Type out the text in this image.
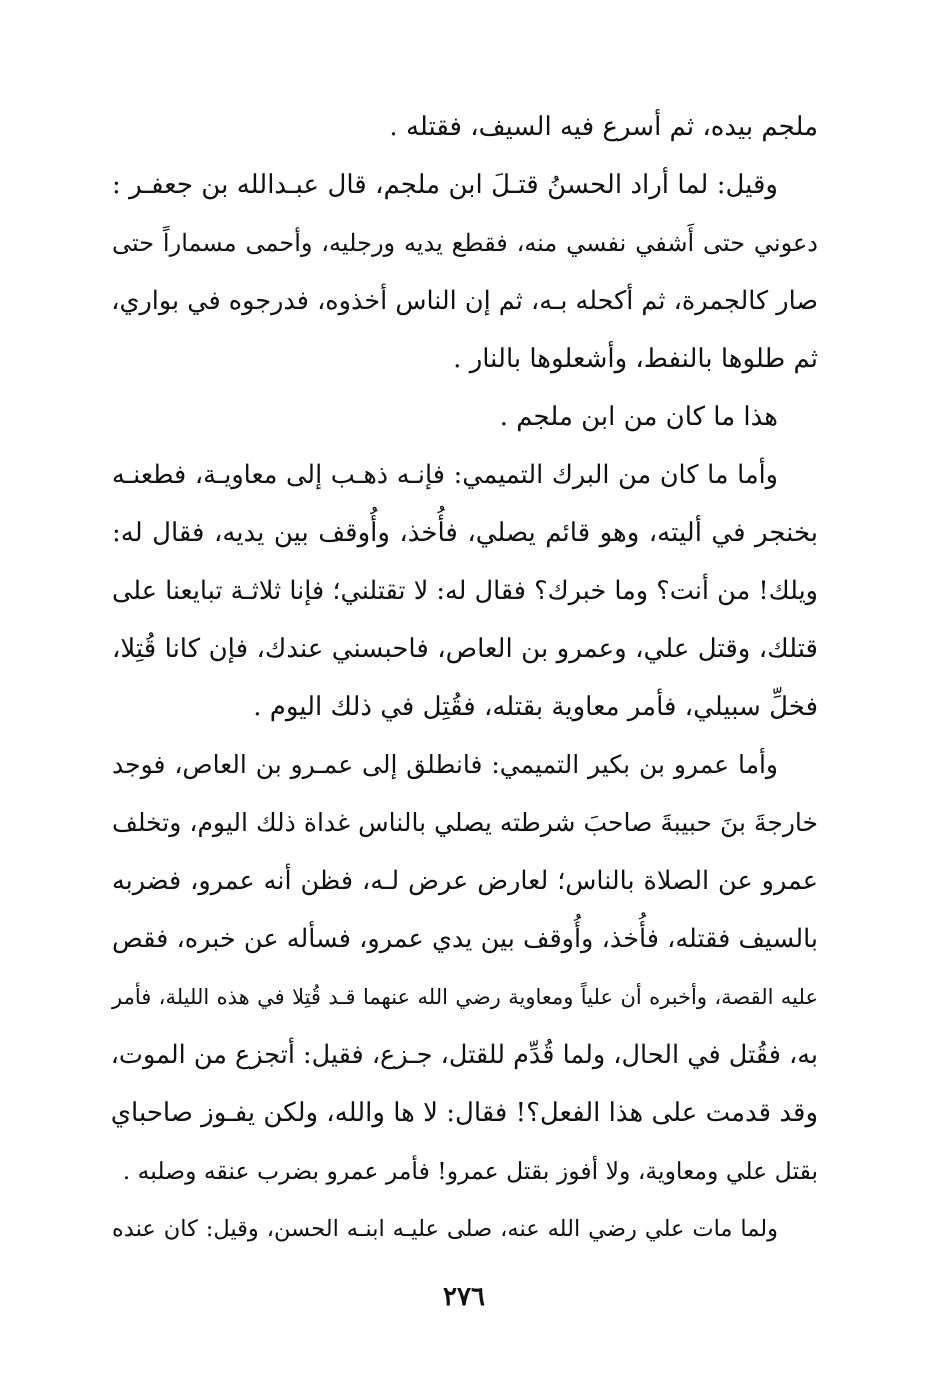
ملجم بيده، ثم أسرع فيه السيف، فقتله .
وقيل: لما أراد الحسنُ قتـلَ ابن ملجم، قال عبـدالله بن جعفـر :
دعوني حتى أَشفي نفسي منه، فقطع يديه ورجليه، وأحمى مسماراً حتى
صار كالجمرة، ثم أكحله بـه، ثم إن الناس أخذوه، فدرجوه في بواري،
ثم طلوها بالنفط، وأشعلوها بالنار .
هذا ما كان من ابن ملجم .
وأما ما كان من البرك التميمي: فإنـه ذهـب إلى معاويـة، فطعنـه
بخنجر في أليته، وهو قائم يصلي، فأُخذ، وأُوقف بين يديه، فقال له:
ويلك! من أنت؟ وما خبرك؟ فقال له: لا تقتلني؛ فإنا ثلاثـة تبايعنا على
قتلك، وقتل علي، وعمرو بن العاص، فاحبسني عندك، فإن كانا قُتِلا،
فخلِّ سبيلي، فأمر معاوية بقتله، فقُتِل في ذلك اليوم .
وأما عمرو بن بكير التميمي: فانطلق إلى عمـرو بن العاص، فوجد
خارجةَ بنَ حبيبةَ صاحبَ شرطته يصلي بالناس غداة ذلك اليوم، وتخلف
عمرو عن الصلاة بالناس؛ لعارض عرض لـه، فظن أنه عمرو، فضربه
بالسيف فقتله، فأُخذ، وأُوقف بين يدي عمرو، فسأله عن خبره، فقص
عليه القصة، وأخبره أن علياً ومعاوية رضي الله عنهما قـد قُتِلا في هذه الليلة، فأمر
به، فقُتل في الحال، ولما قُدِّم للقتل، جـزع، فقيل: أتجزع من الموت،
وقد قدمت على هذا الفعل؟! فقال: لا ها والله، ولكن يفـوز صاحباي
بقتل علي ومعاوية، ولا أفوز بقتل عمرو! فأمر عمرو بضرب عنقه وصلبه .
ولما مات علي رضي الله عنه، صلى عليـه ابنـه الحسن، وقيل: كان عنده
٢٧٦
